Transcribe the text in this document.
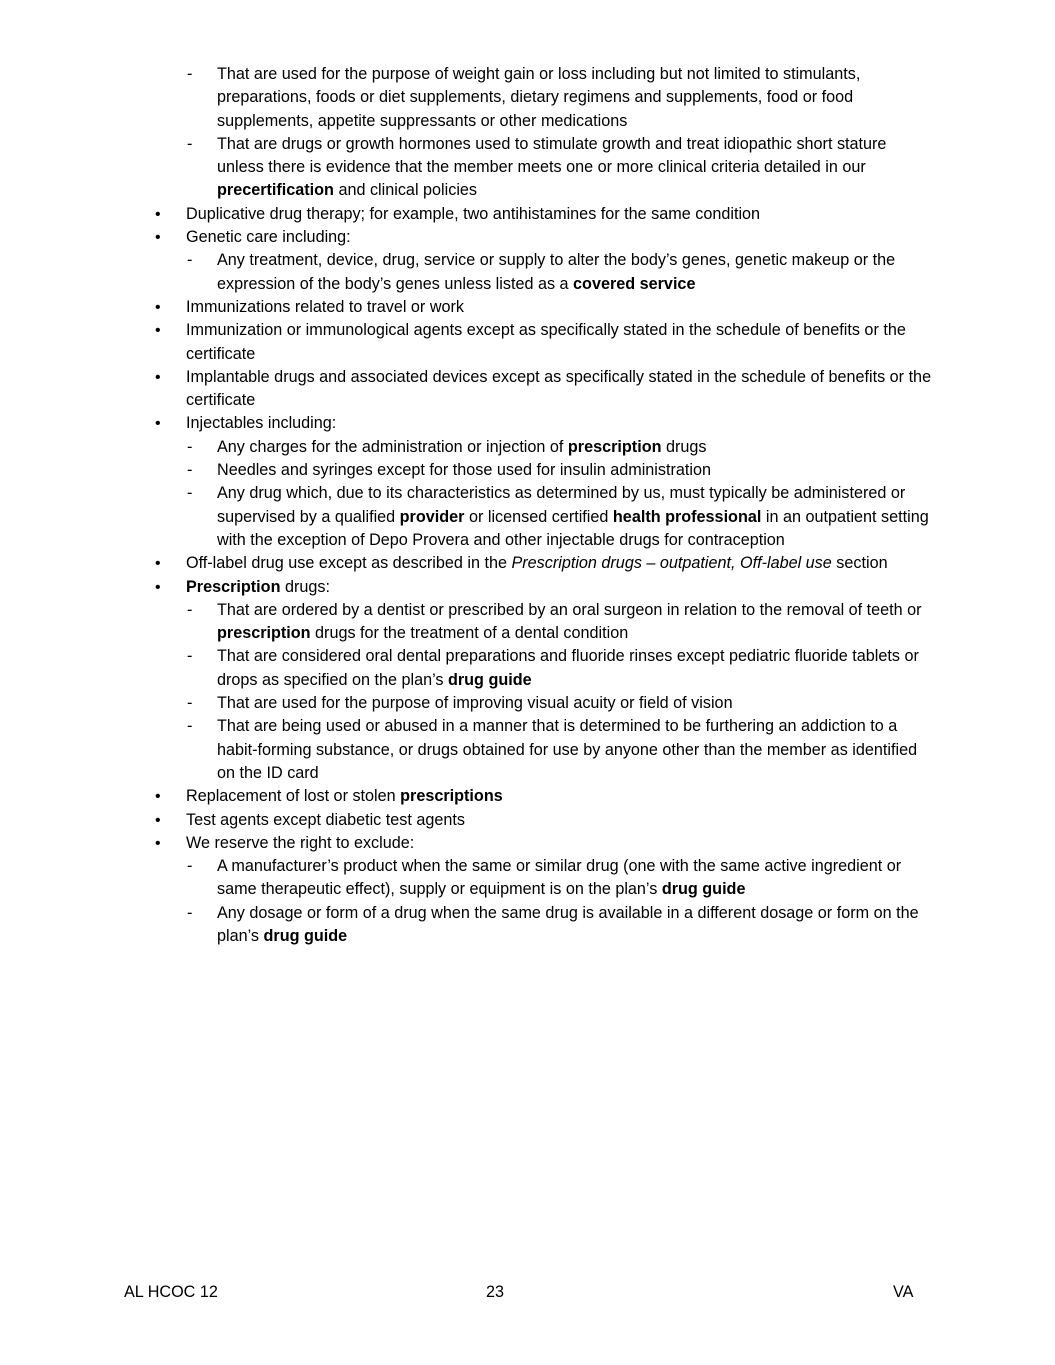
-
That are used for the purpose of weight gain or loss including but not limited to stimulants,
preparations, foods or diet supplements, dietary regimens and supplements, food or food
supplements, appetite suppressants or other medications
-
That are drugs or growth hormones used to stimulate growth and treat idiopathic short stature
unless there is evidence that the member meets one or more clinical criteria detailed in our
precertification and clinical policies
•
Duplicative drug therapy; for example, two antihistamines for the same condition
•
Genetic care including:
-
Any treatment, device, drug, service or supply to alter the body’s genes, genetic makeup or the
expression of the body’s genes unless listed as a covered service
•
Immunizations related to travel or work
•
Immunization or immunological agents except as specifically stated in the schedule of benefits or the
certificate
•
Implantable drugs and associated devices except as specifically stated in the schedule of benefits or the
certificate
•
Injectables including:
-
Any charges for the administration or injection of prescription drugs
-
Needles and syringes except for those used for insulin administration
-
Any drug which, due to its characteristics as determined by us, must typically be administered or
supervised by a qualified provider or licensed certified health professional in an outpatient setting
with the exception of Depo Provera and other injectable drugs for contraception
•
Off-label drug use except as described in the Prescription drugs – outpatient, Off-label use section
•
Prescription drugs:
-
That are ordered by a dentist or prescribed by an oral surgeon in relation to the removal of teeth or
prescription drugs for the treatment of a dental condition
-
That are considered oral dental preparations and fluoride rinses except pediatric fluoride tablets or
drops as specified on the plan’s drug guide
-
That are used for the purpose of improving visual acuity or field of vision
-
That are being used or abused in a manner that is determined to be furthering an addiction to a
habit-forming substance, or drugs obtained for use by anyone other than the member as identified
on the ID card
•
Replacement of lost or stolen prescriptions
•
Test agents except diabetic test agents
•
We reserve the right to exclude:
-
A manufacturer’s product when the same or similar drug (one with the same active ingredient or
same therapeutic effect), supply or equipment is on the plan’s drug guide
-
Any dosage or form of a drug when the same drug is available in a different dosage or form on the
plan’s drug guide
AL HCOC 12	23	VA
